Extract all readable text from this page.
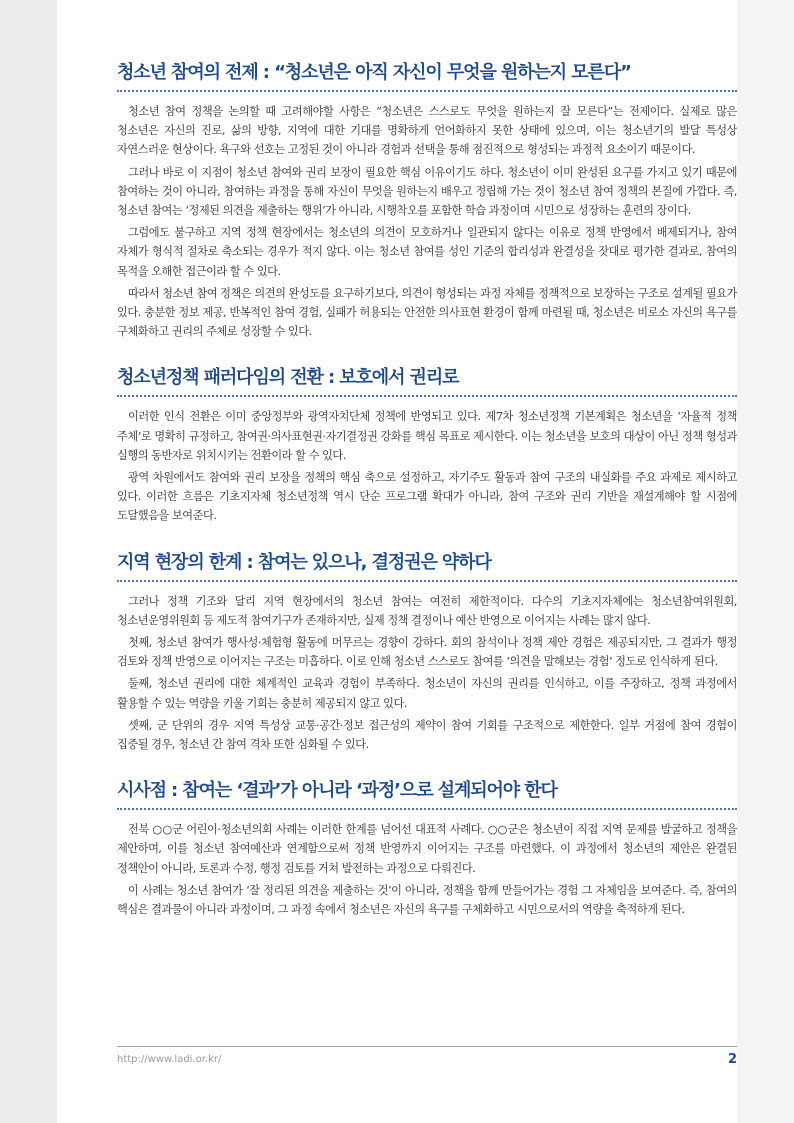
청소년 참여의 전제 : “청소년은 아직 자신이 무엇을 원하는지 모른다”

청소년 참여 정책을 논의할 때 고려해야할 사항은 “청소년은 스스로도 무엇을 원하는지 잘 모른다”는 전제이다. 실제로 많은 청소년은 자신의 진로, 삶의 방향, 지역에 대한 기대를 명확하게 언어화하지 못한 상태에 있으며, 이는 청소년기의 발달 특성상 자연스러운 현상이다. 욕구와 선호는 고정된 것이 아니라 경험과 선택을 통해 점진적으로 형성되는 과정적 요소이기 때문이다.

그러나 바로 이 지점이 청소년 참여와 권리 보장이 필요한 핵심 이유이기도 하다. 청소년이 이미 완성된 요구를 가지고 있기 때문에 참여하는 것이 아니라, 참여하는 과정을 통해 자신이 무엇을 원하는지 배우고 정립해 가는 것이 청소년 참여 정책의 본질에 가깝다. 즉, 청소년 참여는 ‘정제된 의견을 제출하는 행위’가 아니라, 시행착오를 포함한 학습 과정이며 시민으로 성장하는 훈련의 장이다.

그럼에도 불구하고 지역 정책 현장에서는 청소년의 의견이 모호하거나 일관되지 않다는 이유로 정책 반영에서 배제되거나, 참여 자체가 형식적 절차로 축소되는 경우가 적지 않다. 이는 청소년 참여를 성인 기준의 합리성과 완결성을 잣대로 평가한 결과로, 참여의 목적을 오해한 접근이라 할 수 있다.

따라서 청소년 참여 정책은 의견의 완성도를 요구하기보다, 의견이 형성되는 과정 자체를 정책적으로 보장하는 구조로 설계될 필요가 있다. 충분한 정보 제공, 반복적인 참여 경험, 실패가 허용되는 안전한 의사표현 환경이 함께 마련될 때, 청소년은 비로소 자신의 욕구를 구체화하고 권리의 주체로 성장할 수 있다.

청소년정책 패러다임의 전환 : 보호에서 권리로

이러한 인식 전환은 이미 중앙정부와 광역자치단체 정책에 반영되고 있다. 제7차 청소년정책 기본계획은 청소년을 ‘자율적 정책 주체’로 명확히 규정하고, 참여권·의사표현권·자기결정권 강화를 핵심 목표로 제시한다. 이는 청소년을 보호의 대상이 아닌 정책 형성과 실행의 동반자로 위치시키는 전환이라 할 수 있다.

광역 차원에서도 참여와 권리 보장을 정책의 핵심 축으로 설정하고, 자기주도 활동과 참여 구조의 내실화를 주요 과제로 제시하고 있다. 이러한 흐름은 기초지자체 청소년정책 역시 단순 프로그램 확대가 아니라, 참여 구조와 권리 기반을 재설계해야 할 시점에 도달했음을 보여준다.

지역 현장의 한계 : 참여는 있으나, 결정권은 약하다

그러나 정책 기조와 달리 지역 현장에서의 청소년 참여는 여전히 제한적이다. 다수의 기초지자체에는 청소년참여위원회, 청소년운영위원회 등 제도적 참여기구가 존재하지만, 실제 정책 결정이나 예산 반영으로 이어지는 사례는 많지 않다.

첫째, 청소년 참여가 행사성·체험형 활동에 머무르는 경향이 강하다. 회의 참석이나 정책 제안 경험은 제공되지만, 그 결과가 행정 검토와 정책 반영으로 이어지는 구조는 미흡하다. 이로 인해 청소년 스스로도 참여를 ‘의견을 말해보는 경험’ 정도로 인식하게 된다.

둘째, 청소년 권리에 대한 체계적인 교육과 경험이 부족하다. 청소년이 자신의 권리를 인식하고, 이를 주장하고, 정책 과정에서 활용할 수 있는 역량을 키울 기회는 충분히 제공되지 않고 있다.

셋째, 군 단위의 경우 지역 특성상 교통·공간·정보 접근성의 제약이 참여 기회를 구조적으로 제한한다. 일부 거점에 참여 경험이 집중될 경우, 청소년 간 참여 격차 또한 심화될 수 있다.

시사점 : 참여는 ‘결과’가 아니라 ‘과정’으로 설계되어야 한다

전북 ○○군 어린이·청소년의회 사례는 이러한 한계를 넘어선 대표적 사례다. ○○군은 청소년이 직접 지역 문제를 발굴하고 정책을 제안하며, 이를 청소년 참여예산과 연계함으로써 정책 반영까지 이어지는 구조를 마련했다. 이 과정에서 청소년의 제안은 완결된 정책안이 아니라, 토론과 수정, 행정 검토를 거쳐 발전하는 과정으로 다뤄진다.

이 사례는 청소년 참여가 ‘잘 정리된 의견을 제출하는 것’이 아니라, 정책을 함께 만들어가는 경험 그 자체임을 보여준다. 즉, 참여의 핵심은 결과물이 아니라 과정이며, 그 과정 속에서 청소년은 자신의 욕구를 구체화하고 시민으로서의 역량을 축적하게 된다.

http://www.ladi.or.kr/	2
